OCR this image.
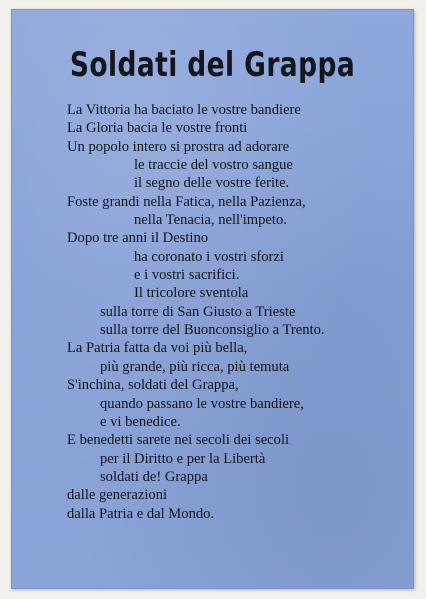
Soldati del Grappa
La Vittoria ha baciato le vostre bandiere
La Gloria bacia le vostre fronti
Un popolo intero si prostra ad adorare
le traccie del vostro sangue
il segno delle vostre ferite.
Foste grandi nella Fatica, nella Pazienza,
nella Tenacia, nell'impeto.
Dopo tre anni il Destino
ha coronato i vostri sforzi
e i vostri sacrifici.
Il tricolore sventola
sulla torre di San Giusto a Trieste
sulla torre del Buonconsiglio a Trento.
La Patria fatta da voi più bella,
più grande, più ricca, più temuta
S'inchina, soldati del Grappa,
quando passano le vostre bandiere,
e vi benedice.
E benedetti sarete nei secoli dei secoli
per il Diritto e per la Libertà
soldati de! Grappa
dalle generazioni
dalla Patria e dal Mondo.
